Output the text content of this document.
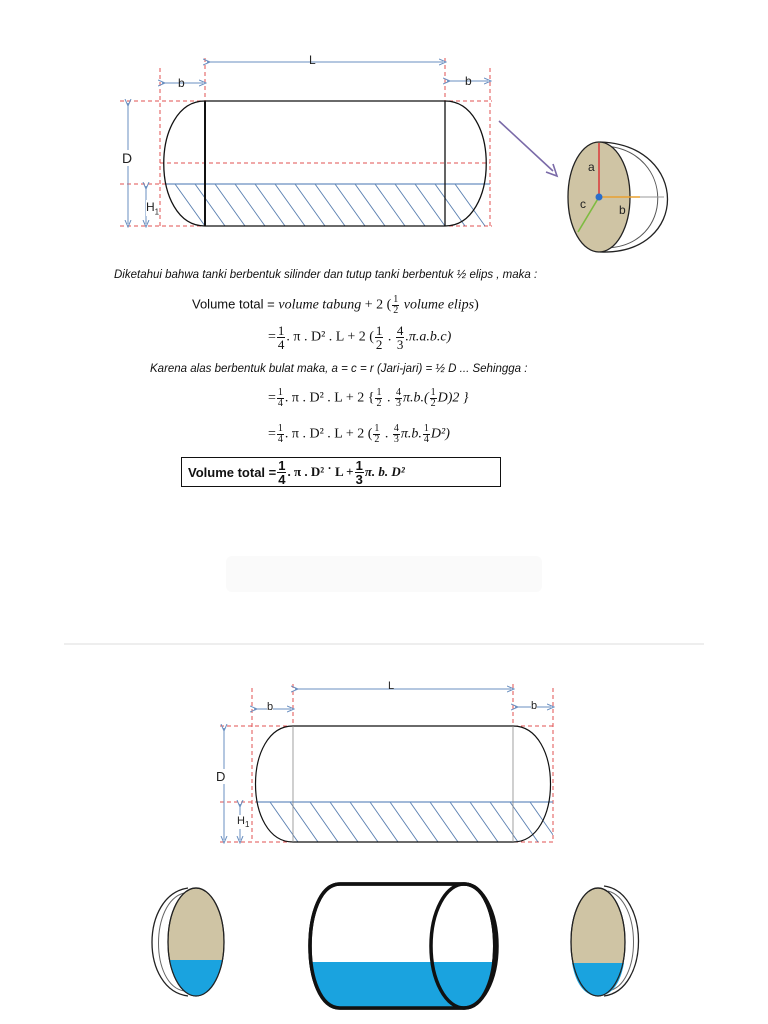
L
b	b
D
$H_1$
a
b
c
Diketahui bahwa tanki berbentuk silinder dan tutup tanki berbentuk ½ elips , maka :
Volume total = volume tabung + 2 ( $\frac{1}{2}$ volume elips)
= $\frac{1}{4}$ . π . D² . L + 2 ( $\frac{1}{2}$ . $\frac{4}{3} .\pi.a.b.c$)
Karena alas berbentuk bulat maka, a = c = r (Jari-jari) = ½ D ... Sehingga :
= $\frac{1}{4}$ . π . D² . L + 2 { $\frac{1}{2}$ . $\frac{4}{3} \pi.b.( \frac{1}{2} D)2$ }
= $\frac{1}{4}$ . π . D² . L + 2 ( $\frac{1}{2}$ . $\frac{4}{3} \pi.b$. $\frac{1}{4} D^2$)
Volume total = $\frac{1}{4}$ . π . D² ˙ $L + \frac{1}{3} \pi$. b. D²
L
b	b
D
$H_1$
